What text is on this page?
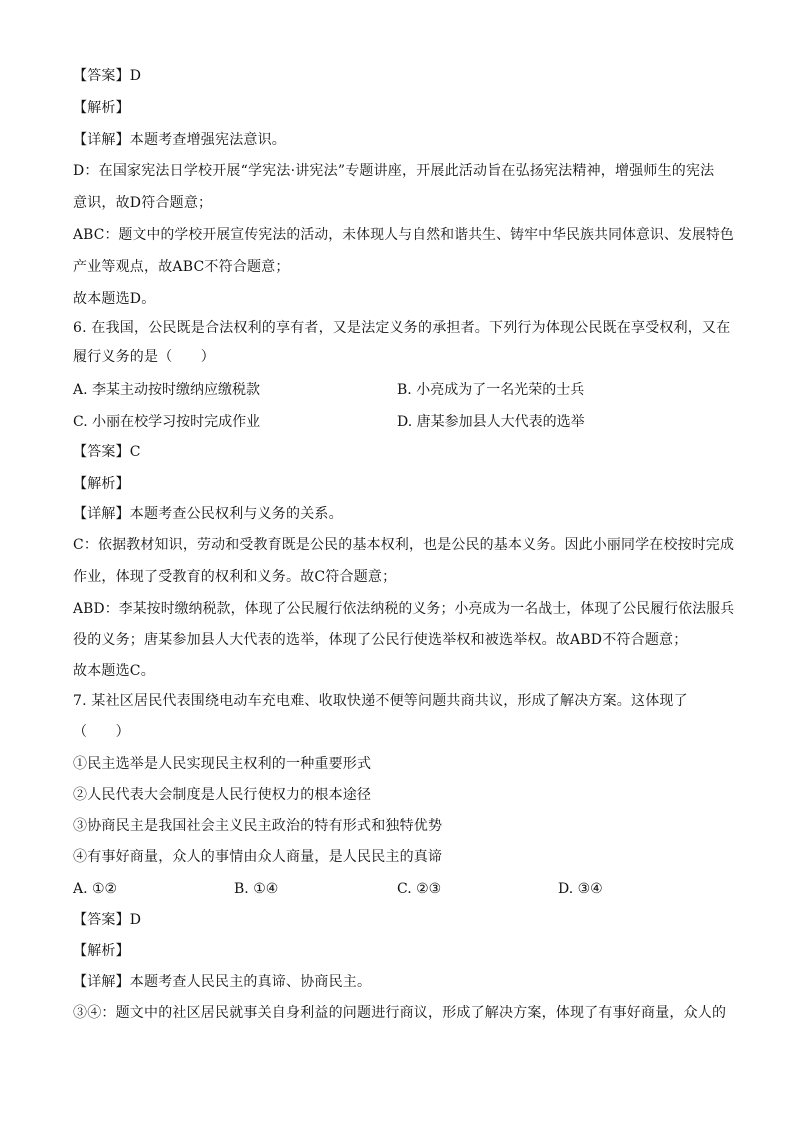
【答案】D
【解析】
【详解】本题考查增强宪法意识。
D：在国家宪法日学校开展“学宪法·讲宪法”专题讲座，开展此活动旨在弘扬宪法精神，增强师生的宪法
意识，故D符合题意；
ABC：题文中的学校开展宣传宪法的活动，未体现人与自然和谐共生、铸牢中华民族共同体意识、发展特色
产业等观点，故ABC不符合题意；
故本题选D。
6. 在我国，公民既是合法权利的享有者，又是法定义务的承担者。下列行为体现公民既在享受权利，又在
履行义务的是（　　）
A. 李某主动按时缴纳应缴税款	B. 小亮成为了一名光荣的士兵
C. 小丽在校学习按时完成作业	D. 唐某参加县人大代表的选举
【答案】C
【解析】
【详解】本题考查公民权利与义务的关系。
C：依据教材知识，劳动和受教育既是公民的基本权利，也是公民的基本义务。因此小丽同学在校按时完成
作业，体现了受教育的权利和义务。故C符合题意；
ABD：李某按时缴纳税款，体现了公民履行依法纳税的义务；小亮成为一名战士，体现了公民履行依法服兵
役的义务；唐某参加县人大代表的选举，体现了公民行使选举权和被选举权。故ABD不符合题意；
故本题选C。
7. 某社区居民代表围绕电动车充电难、收取快递不便等问题共商共议，形成了解决方案。这体现了
（　　）
①民主选举是人民实现民主权利的一种重要形式
②人民代表大会制度是人民行使权力的根本途径
③协商民主是我国社会主义民主政治的特有形式和独特优势
④有事好商量，众人的事情由众人商量，是人民民主的真谛
A. ①②	B. ①④	C. ②③	D. ③④
【答案】D
【解析】
【详解】本题考查人民民主的真谛、协商民主。
③④：题文中的社区居民就事关自身利益的问题进行商议，形成了解决方案，体现了有事好商量，众人的
